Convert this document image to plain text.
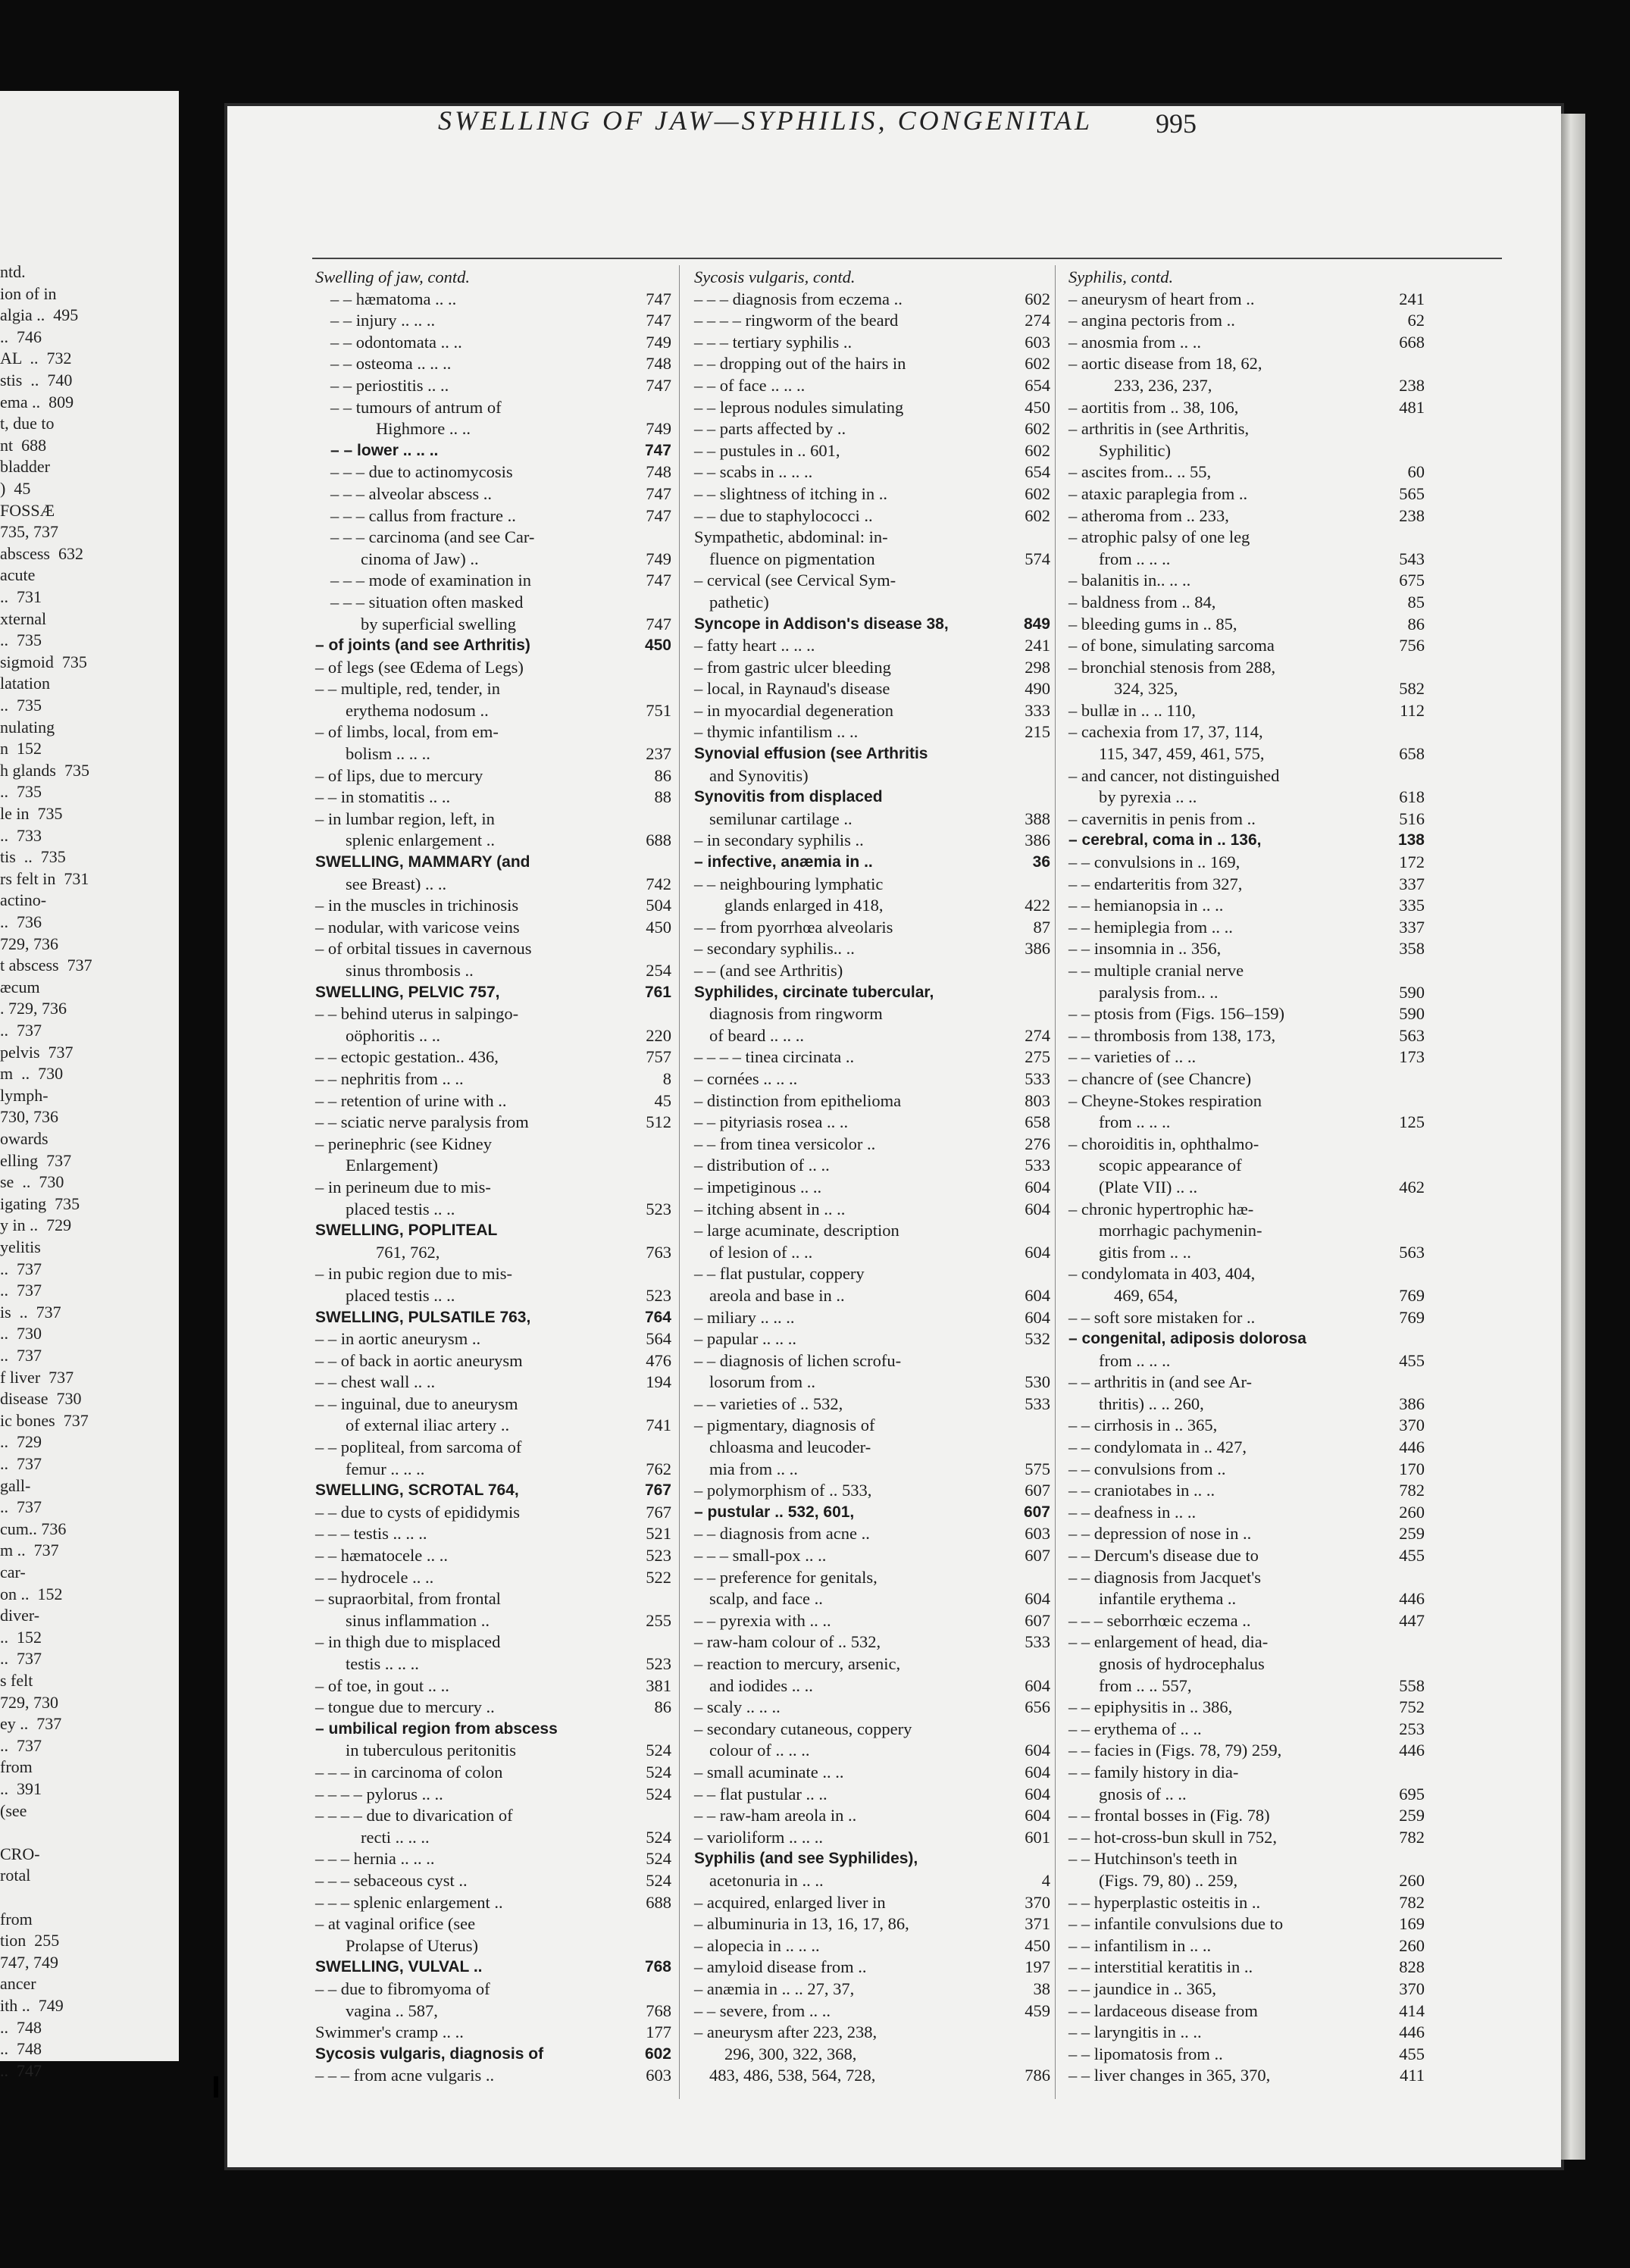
ntd.
ion of in
algia ..  495
..  746
AL  ..  732
stis  ..  740
ema ..  809
t, due to
nt  688
bladder
)  45
FOSSÆ
735, 737
abscess  632
acute
..  731
xternal
..  735
sigmoid  735
latation
..  735
nulating
n  152
h glands  735
..  735
le in  735
..  733
tis  ..  735
rs felt in  731
actino-
..  736
729, 736
t abscess  737
æcum
. 729, 736
..  737
pelvis  737
m  ..  730
lymph-
730, 736
owards
elling  737
se  ..  730
igating  735
y in ..  729
yelitis
..  737
..  737
is  ..  737
..  730
..  737
f liver  737
disease  730
ic bones  737
..  729
..  737
gall-
..  737
cum.. 736
m ..  737
car-
on ..  152
diver-
..  152
..  737
s felt
729, 730
ey ..  737
..  737
from
..  391
(see
CRO-
rotal
from
tion  255
747, 749
ancer
ith ..  749
..  748
..  748
..  747
SWELLING OF JAW—SYPHILIS, CONGENITAL	995
Swelling of jaw, contd.
– – hæmatoma .. ..	747
– – injury .. .. ..	747
– – odontomata .. ..	749
– – osteoma .. .. ..	748
– – periostitis .. ..	747
– – tumours of antrum of
Highmore .. ..	749
– – lower .. .. ..	747
– – – due to actinomycosis	748
– – – alveolar abscess ..	747
– – – callus from fracture ..	747
– – – carcinoma (and see Car-
cinoma of Jaw) ..	749
– – – mode of examination in	747
– – – situation often masked
by superficial swelling	747
– of joints (and see Arthritis)	450
– of legs (see Œdema of Legs)
– – multiple, red, tender, in
erythema nodosum ..	751
– of limbs, local, from em-
bolism .. .. ..	237
– of lips, due to mercury	86
– – in stomatitis .. ..	88
– in lumbar region, left, in
splenic enlargement ..	688
SWELLING, MAMMARY (and
see Breast) .. ..	742
– in the muscles in trichinosis	504
– nodular, with varicose veins	450
– of orbital tissues in cavernous
sinus thrombosis ..	254
SWELLING, PELVIC 757,	761
– – behind uterus in salpingo-
oöphoritis .. ..	220
– – ectopic gestation.. 436,	757
– – nephritis from .. ..	8
– – retention of urine with ..	45
– – sciatic nerve paralysis from	512
– perinephric (see Kidney
Enlargement)
– in perineum due to mis-
placed testis .. ..	523
SWELLING, POPLITEAL
761, 762,	763
– in pubic region due to mis-
placed testis .. ..	523
SWELLING, PULSATILE 763,	764
– – in aortic aneurysm ..	564
– – of back in aortic aneurysm	476
– – chest wall .. ..	194
– – inguinal, due to aneurysm
of external iliac artery ..	741
– – popliteal, from sarcoma of
femur .. .. ..	762
SWELLING, SCROTAL 764,	767
– – due to cysts of epididymis	767
– – – testis .. .. ..	521
– – hæmatocele .. ..	523
– – hydrocele .. ..	522
– supraorbital, from frontal
sinus inflammation ..	255
– in thigh due to misplaced
testis .. .. ..	523
– of toe, in gout .. ..	381
– tongue due to mercury ..	86
– umbilical region from abscess
in tuberculous peritonitis	524
– – – in carcinoma of colon	524
– – – – pylorus .. ..	524
– – – – due to divarication of
recti .. .. ..	524
– – – hernia .. .. ..	524
– – – sebaceous cyst ..	524
– – – splenic enlargement ..	688
– at vaginal orifice (see
Prolapse of Uterus)
SWELLING, VULVAL ..	768
– – due to fibromyoma of
vagina .. 587,	768
Swimmer's cramp .. ..	177
Sycosis vulgaris, diagnosis of	602
– – – from acne vulgaris ..	603
Sycosis vulgaris, contd.
– – – diagnosis from eczema ..	602
– – – – ringworm of the beard	274
– – – tertiary syphilis ..	603
– – dropping out of the hairs in	602
– – of face .. .. ..	654
– – leprous nodules simulating	450
– – parts affected by ..	602
– – pustules in .. 601,	602
– – scabs in .. .. ..	654
– – slightness of itching in ..	602
– – due to staphylococci ..	602
Sympathetic, abdominal: in-
fluence on pigmentation	574
– cervical (see Cervical Sym-
pathetic)
Syncope in Addison's disease 38,	849
– fatty heart .. .. ..	241
– from gastric ulcer bleeding	298
– local, in Raynaud's disease	490
– in myocardial degeneration	333
– thymic infantilism .. ..	215
Synovial effusion (see Arthritis
and Synovitis)
Synovitis from displaced
semilunar cartilage ..	388
– in secondary syphilis ..	386
– infective, anæmia in ..	36
– – neighbouring lymphatic
glands enlarged in 418,	422
– – from pyorrhœa alveolaris	87
– secondary syphilis.. ..	386
– – (and see Arthritis)
Syphilides, circinate tubercular,
diagnosis from ringworm
of beard .. .. ..	274
– – – – tinea circinata ..	275
– cornées .. .. ..	533
– distinction from epithelioma	803
– – pityriasis rosea .. ..	658
– – from tinea versicolor ..	276
– distribution of .. ..	533
– impetiginous .. ..	604
– itching absent in .. ..	604
– large acuminate, description
of lesion of .. ..	604
– – flat pustular, coppery
areola and base in ..	604
– miliary .. .. ..	604
– papular .. .. ..	532
– – diagnosis of lichen scrofu-
losorum from ..	530
– – varieties of .. 532,	533
– pigmentary, diagnosis of
chloasma and leucoder-
mia from .. ..	575
– polymorphism of .. 533,	607
– pustular .. 532, 601,	607
– – diagnosis from acne ..	603
– – – small-pox .. ..	607
– – preference for genitals,
scalp, and face ..	604
– – pyrexia with .. ..	607
– raw-ham colour of .. 532,	533
– reaction to mercury, arsenic,
and iodides .. ..	604
– scaly .. .. ..	656
– secondary cutaneous, coppery
colour of .. .. ..	604
– small acuminate .. ..	604
– – flat pustular .. ..	604
– – raw-ham areola in ..	604
– varioliform .. .. ..	601
Syphilis (and see Syphilides),
acetonuria in .. ..	4
– acquired, enlarged liver in	370
– albuminuria in 13, 16, 17, 86,	371
– alopecia in .. .. ..	450
– amyloid disease from ..	197
– anæmia in .. .. 27, 37,	38
– – severe, from .. ..	459
– aneurysm after 223, 238,
296, 300, 322, 368,
483, 486, 538, 564, 728,	786
Syphilis, contd.
– aneurysm of heart from ..	241
– angina pectoris from ..	62
– anosmia from .. ..	668
– aortic disease from 18, 62,
233, 236, 237,	238
– aortitis from .. 38, 106,	481
– arthritis in (see Arthritis,
Syphilitic)
– ascites from.. .. 55,	60
– ataxic paraplegia from ..	565
– atheroma from .. 233,	238
– atrophic palsy of one leg
from .. .. ..	543
– balanitis in.. .. ..	675
– baldness from .. 84,	85
– bleeding gums in .. 85,	86
– of bone, simulating sarcoma	756
– bronchial stenosis from 288,
324, 325,	582
– bullæ in .. .. 110,	112
– cachexia from 17, 37, 114,
115, 347, 459, 461, 575,	658
– and cancer, not distinguished
by pyrexia .. ..	618
– cavernitis in penis from ..	516
– cerebral, coma in .. 136,	138
– – convulsions in .. 169,	172
– – endarteritis from 327,	337
– – hemianopsia in .. ..	335
– – hemiplegia from .. ..	337
– – insomnia in .. 356,	358
– – multiple cranial nerve
paralysis from.. ..	590
– – ptosis from (Figs. 156–159)	590
– – thrombosis from 138, 173,	563
– – varieties of .. ..	173
– chancre of (see Chancre)
– Cheyne-Stokes respiration
from .. .. ..	125
– choroiditis in, ophthalmo-
scopic appearance of
(Plate VII) .. ..	462
– chronic hypertrophic hæ-
morrhagic pachymenin-
gitis from .. ..	563
– condylomata in 403, 404,
469, 654,	769
– – soft sore mistaken for ..	769
– congenital, adiposis dolorosa
from .. .. ..	455
– – arthritis in (and see Ar-
thritis) .. .. 260,	386
– – cirrhosis in .. 365,	370
– – condylomata in .. 427,	446
– – convulsions from ..	170
– – craniotabes in .. ..	782
– – deafness in .. ..	260
– – depression of nose in ..	259
– – Dercum's disease due to	455
– – diagnosis from Jacquet's
infantile erythema ..	446
– – – seborrhœic eczema ..	447
– – enlargement of head, dia-
gnosis of hydrocephalus
from .. .. 557,	558
– – epiphysitis in .. 386,	752
– – erythema of .. ..	253
– – facies in (Figs. 78, 79) 259,	446
– – family history in dia-
gnosis of .. ..	695
– – frontal bosses in (Fig. 78)	259
– – hot-cross-bun skull in 752,	782
– – Hutchinson's teeth in
(Figs. 79, 80) .. 259,	260
– – hyperplastic osteitis in ..	782
– – infantile convulsions due to	169
– – infantilism in .. ..	260
– – interstitial keratitis in ..	828
– – jaundice in .. 365,	370
– – lardaceous disease from	414
– – laryngitis in .. ..	446
– – lipomatosis from ..	455
– – liver changes in 365, 370,	411
